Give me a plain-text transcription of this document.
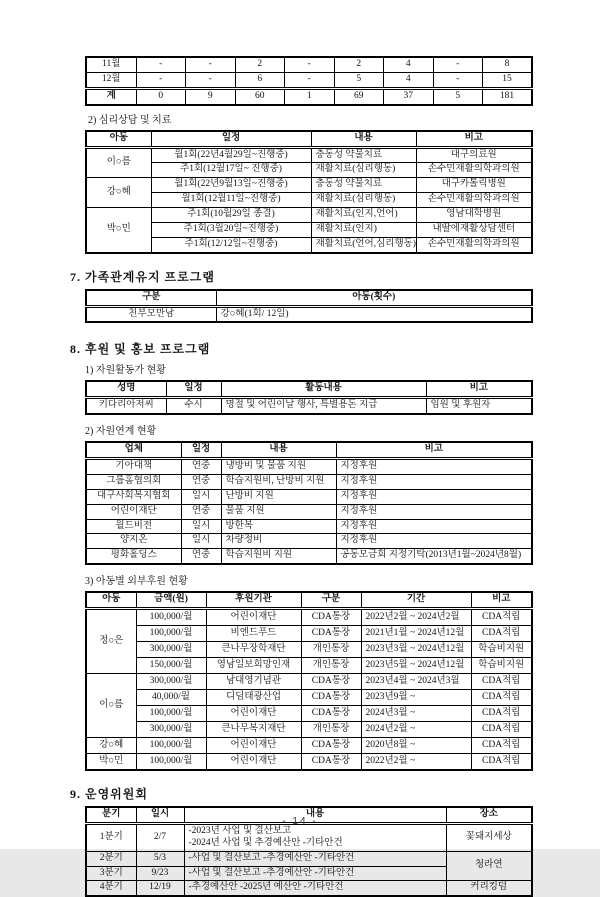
11월	-	-	2	-	2	4	-	8
12월	-	-	6	-	5	4	-	15
계	0	9	60	1	69	37	5	181
2) 심리상담 및 치료
아동	일정	내용	비고
이○름	월1회(22년4월29일~진행중)	충동성 약물치료	대구의료원
	주1회(12월17일~ 진행중)	재활치료(심리행동)	손수민재활의학과의원
강○혜	월1회(22년9월13일~진행중)	충동성 약물치료	대구카톨릭병원
	월1회(12월11일~진행중)	재활치료(심리행동)	손수민재활의학과의원
박○민	주1회(10월29일 종결)	재활치료(인지,언어)	영남대학병원
	주1회(3월20일~진행중)	재활치료(인지)	내딸에재활상담센터
	주1회(12/12일~진행중)	재활치료(언어,심리행동)	손수민재활의학과의원
7. 가족관계유지 프로그램
구분	아동(횟수)
친부모만남	강○혜(1회/ 12일)
8. 후원 및 홍보 프로그램
1) 자원활동가 현황
성명	일정	활동내용	비고
키다리아저씨	수시	명절 및 어린이날 행사, 특별용돈 지급	임원 및 후원자
2) 자원연계 현황
업체	일정	내용	비고
기아대책	연중	냉방비 및 물품 지원	지정후원
그룹홈협의회	연중	학습지원비, 난방비 지원	지정후원
대구사회복지협회	일시	난방비 지원	지정후원
어린이재단	연중	물품 지원	지정후원
월드비전	일시	방한복	지정후원
양지온	일시	차량정비	지정후원
평화홀딩스	연중	학습지원비 지원	공동모금회 지정기탁(2013년1월~2024년8월)
3) 아동별 외부후원 현황
아동	금액(원)	후원기관	구분	기간	비고
정○은	100,000/월	어린이재단	CDA통장	2022년2월 ~ 2024년2월	CDA적립
	100,000/월	비엔드푸드	CDA통장	2021년1월 ~ 2024년12월	CDA적립
	300,000/월	큰나무장학재단	개인통장	2023년3월 ~ 2024년12월	학습비지원
	150,000/월	영남일보희망인재	개인통장	2023년5월 ~ 2024년12월	학습비지원
이○름	300,000/월	남대영기념관	CDA통장	2023년4월 ~ 2024년3월	CDA적립
	40,000/월	디딤태광산업	CDA통장	2023년9월 ~	CDA적립
	100,000/월	어린이재단	CDA통장	2024년3월 ~	CDA적립
	300,000/월	큰나무복지재단	개인통장	2024년2월 ~	CDA적립
강○혜	100,000/월	어린이재단	CDA통장	2020년8월 ~	CDA적립
박○민	100,000/월	어린이재단	CDA통장	2022년2월 ~	CDA적립
9. 운영위원회
분기	일시	내용	장소
1분기	2/7	-2023년 사업 및 결산보고
-2024년 사업 및 추경예산안 -기타안건	꽃돼지세상
2분기	5/3	-사업 및 결산보고 -추경예산안 -기타안건	청라연
3분기	9/23	-사업 및 결산보고 -추경예산안 -기타안건	
4분기	12/19	-추경예산안 -2025년 예산안 -기타안건	커리킹덤
- 14 -
